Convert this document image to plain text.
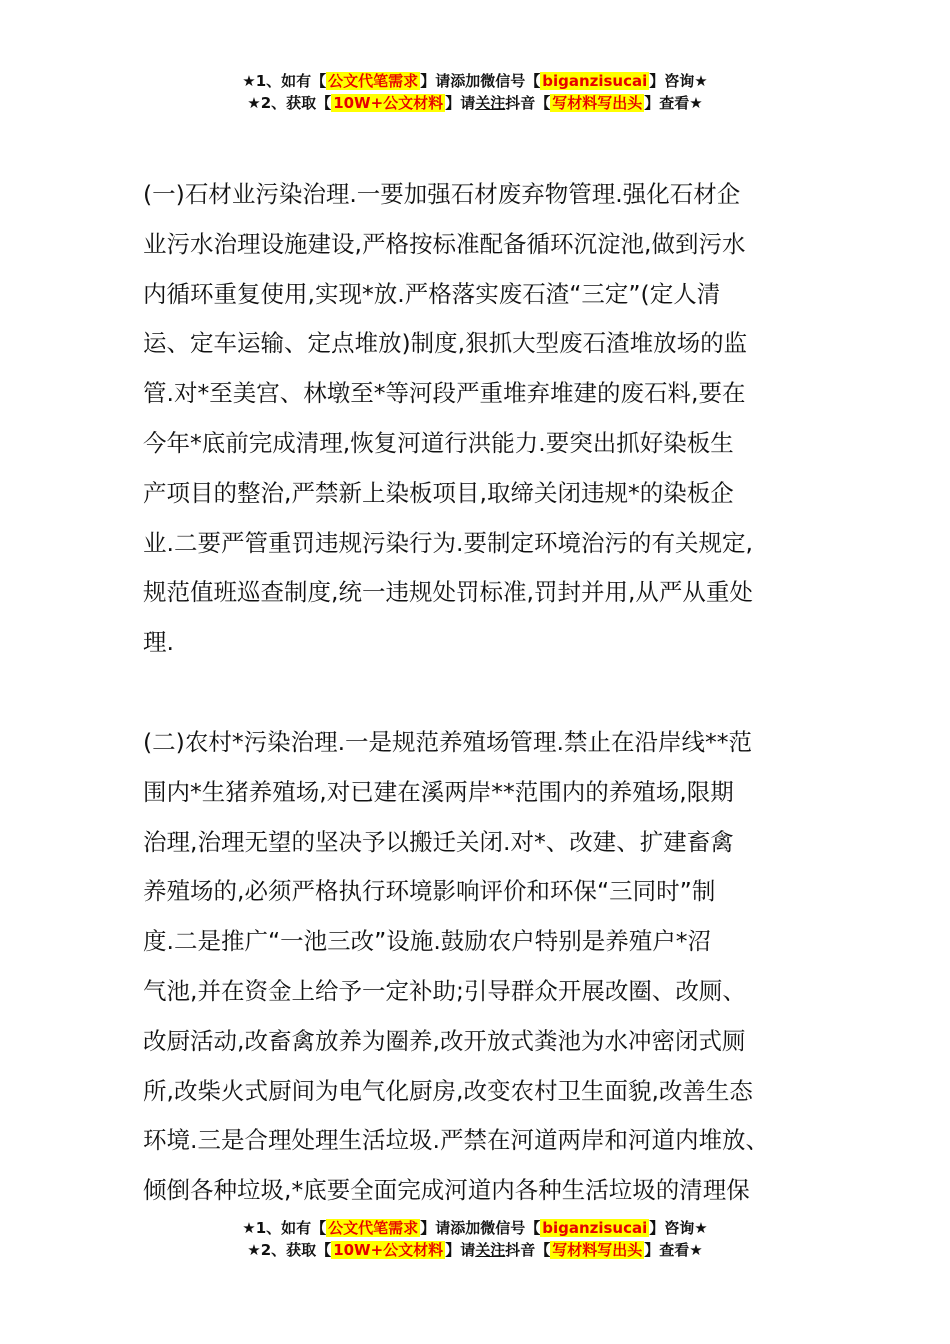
★1、如有【 公文代笔需求 】请添加微信号【 biganzisucai 】咨询★
★2、获取【 10W+公文材料 】请关注抖音【 写材料写出头 】查看★

(一)石材业污染治理.一要加强石材废弃物管理.强化石材企
业污水治理设施建设,严格按标准配备循环沉淀池,做到污水
内循环重复使用,实现*放.严格落实废石渣“三定”(定人清
运、定车运输、定点堆放)制度,狠抓大型废石渣堆放场的监
管.对*至美宫、林墩至*等河段严重堆弃堆建的废石料,要在
今年*底前完成清理,恢复河道行洪能力.要突出抓好染板生
产项目的整治,严禁新上染板项目,取缔关闭违规*的染板企
业.二要严管重罚违规污染行为.要制定环境治污的有关规定,
规范值班巡查制度,统一违规处罚标准,罚封并用,从严从重处
理.

(二)农村*污染治理.一是规范养殖场管理.禁止在沿岸线**范
围内*生猪养殖场,对已建在溪两岸**范围内的养殖场,限期
治理,治理无望的坚决予以搬迁关闭.对*、改建、扩建畜禽
养殖场的,必须严格执行环境影响评价和环保“三同时”制
度.二是推广“一池三改”设施.鼓励农户特别是养殖户*沼
气池,并在资金上给予一定补助;引导群众开展改圈、改厕、
改厨活动,改畜禽放养为圈养,改开放式粪池为水冲密闭式厕
所,改柴火式厨间为电气化厨房,改变农村卫生面貌,改善生态
环境.三是合理处理生活垃圾.严禁在河道两岸和河道内堆放、
倾倒各种垃圾,*底要全面完成河道内各种生活垃圾的清理保

★1、如有【 公文代笔需求 】请添加微信号【 biganzisucai 】咨询★
★2、获取【 10W+公文材料 】请关注抖音【 写材料写出头 】查看★
